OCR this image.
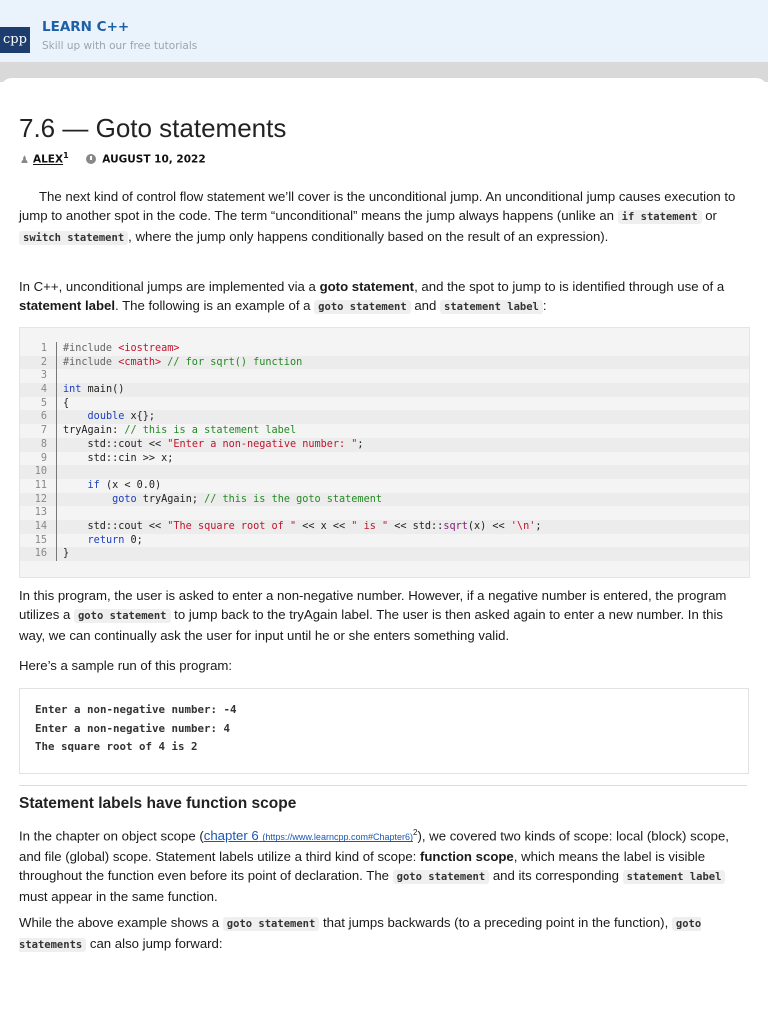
cpp
LEARN C++
Skill up with our free tutorials
7.6 — Goto statements
♟ ALEX$^1$	AUGUST 10, 2022

The next kind of control flow statement we’ll cover is the unconditional jump. An unconditional jump causes execution to jump to another spot in the code. The term “unconditional” means the jump always happens (unlike an if statement or switch statement , where the jump only happens conditionally based on the result of an expression).

In C++, unconditional jumps are implemented via a goto statement, and the spot to jump to is identified through use of a statement label. The following is an example of a goto statement and statement label :

1 #include <iostream>
2 #include <cmath> // for sqrt() function
3
4 int main()
5 {
6	double x{};
7 tryAgain: // this is a statement label
8 std::cout << "Enter a non-negative number: ";
9 std::cin >> x;
10
11	if (x < 0.0)
12	goto tryAgain; // this is the goto statement
13
14 std::cout << "The square root of " << x << " is " << std::sqrt(x) << '\n';
15	return 0;
16 }

In this program, the user is asked to enter a non-negative number. However, if a negative number is entered, the program utilizes a goto statement to jump back to the tryAgain label. The user is then asked again to enter a new number. In this way, we can continually ask the user for input until he or she enters something valid.

Here’s a sample run of this program:

Enter a non-negative number: -4
Enter a non-negative number: 4
The square root of 4 is 2
Statement labels have function scope

In the chapter on object scope (chapter 6 (https://www.learncpp.com#Chapter6)$^2$), we covered two kinds of scope: local (block) scope, and file (global) scope. Statement labels utilize a third kind of scope: function scope, which means the label is visible throughout the function even before its point of declaration. The goto statement and its corresponding statement label must appear in the same function.

While the above example shows a goto statement that jumps backwards (to a preceding point in the function), goto statements can also jump forward:
